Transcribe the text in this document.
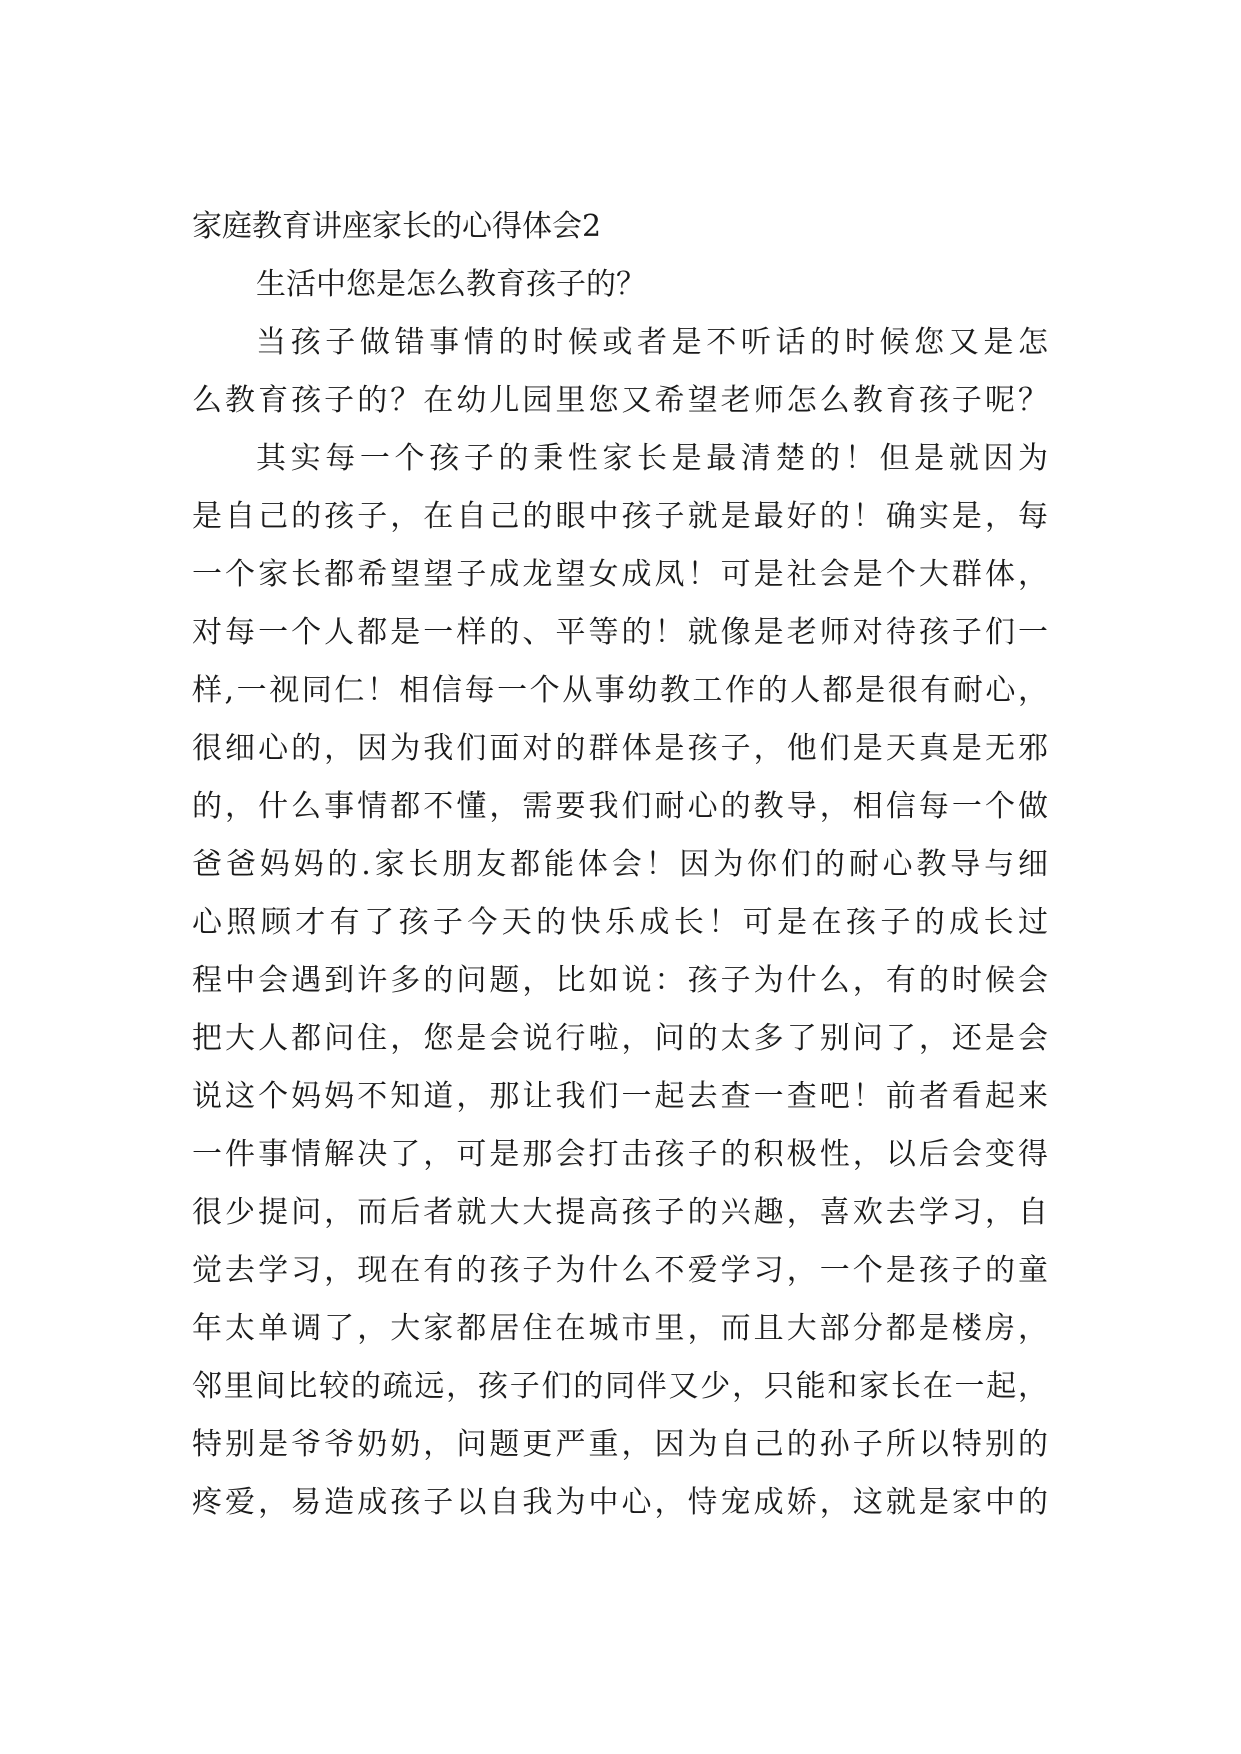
家庭教育讲座家长的心得体会2

生活中您是怎么教育孩子的？

当孩子做错事情的时候或者是不听话的时候您又是怎

么教育孩子的？在幼儿园里您又希望老师怎么教育孩子呢？

其实每一个孩子的秉性家长是最清楚的！但是就因为

是自己的孩子，在自己的眼中孩子就是最好的！确实是，每

一个家长都希望望子成龙望女成凤！可是社会是个大群体，

对每一个人都是一样的、平等的！就像是老师对待孩子们一

样,一视同仁！相信每一个从事幼教工作的人都是很有耐心，

很细心的，因为我们面对的群体是孩子，他们是天真是无邪

的，什么事情都不懂，需要我们耐心的教导，相信每一个做

爸爸妈妈的.家长朋友都能体会！因为你们的耐心教导与细

心照顾才有了孩子今天的快乐成长！可是在孩子的成长过

程中会遇到许多的问题，比如说：孩子为什么，有的时候会

把大人都问住，您是会说行啦，问的太多了别问了，还是会

说这个妈妈不知道，那让我们一起去查一查吧！前者看起来

一件事情解决了，可是那会打击孩子的积极性，以后会变得

很少提问，而后者就大大提高孩子的兴趣，喜欢去学习，自

觉去学习，现在有的孩子为什么不爱学习，一个是孩子的童

年太单调了，大家都居住在城市里，而且大部分都是楼房，

邻里间比较的疏远，孩子们的同伴又少，只能和家长在一起，

特别是爷爷奶奶，问题更严重，因为自己的孙子所以特别的

疼爱，易造成孩子以自我为中心，恃宠成娇，这就是家中的
